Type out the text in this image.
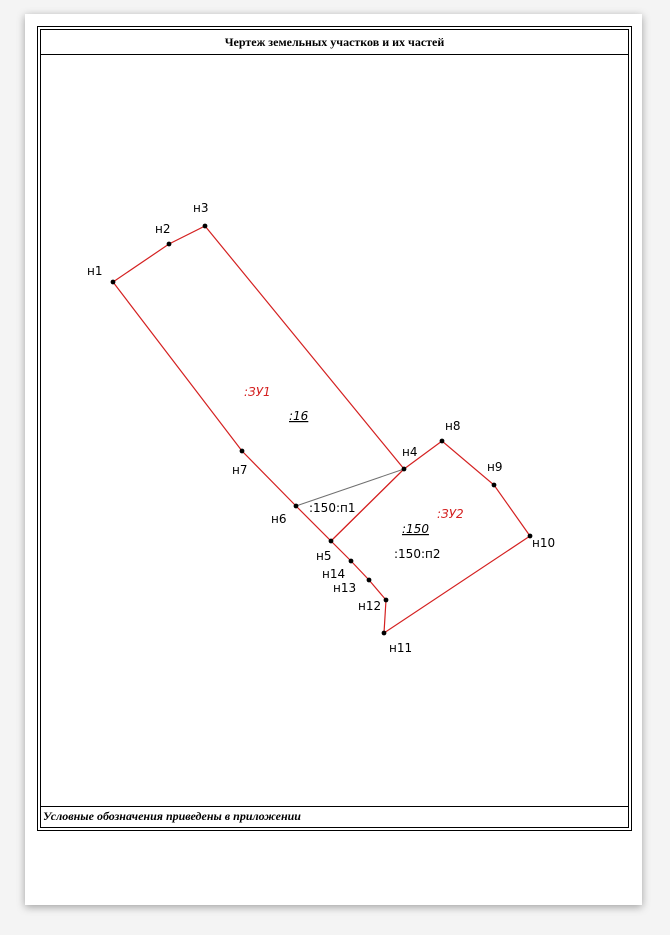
Чертеж земельных участков и их частей
Условные обозначения приведены в приложении
н1
н2
н3
н4
н5
н6
н7
н8
н9
н10
н11
н12
н13
н14
:ЗУ1
:16
:ЗУ2
:150
:150:п1
:150:п2
